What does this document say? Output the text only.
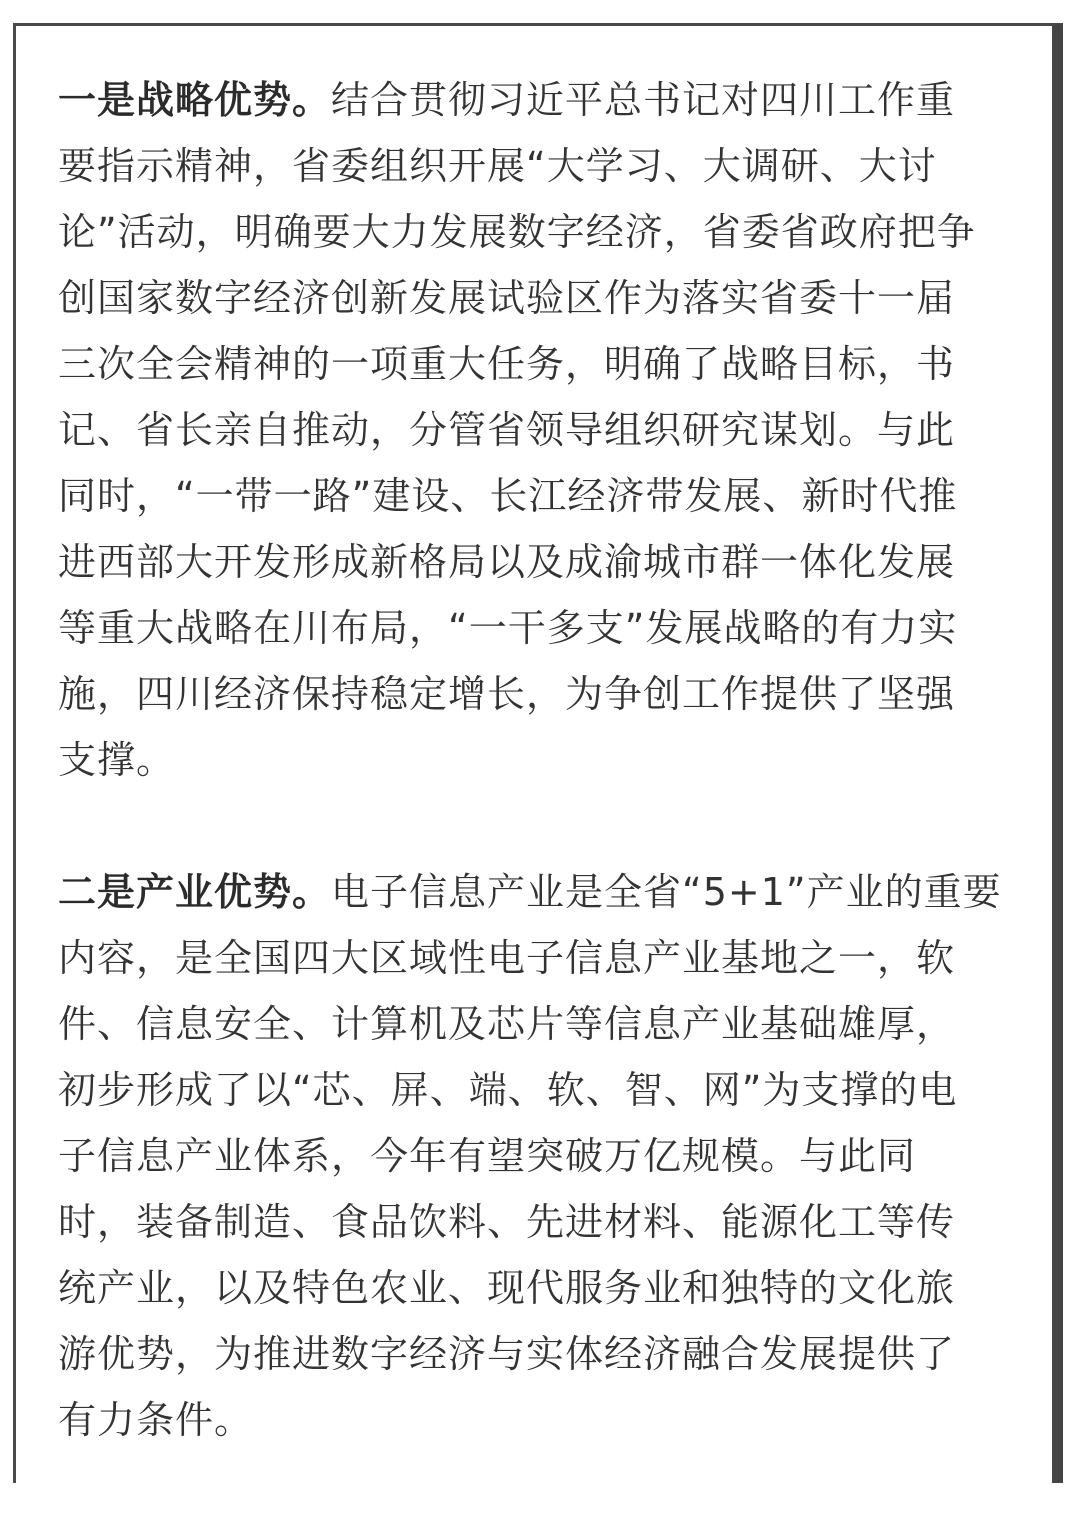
一是战略优势。结合贯彻习近平总书记对四川工作重
要指示精神，省委组织开展“大学习、大调研、大讨
论”活动，明确要大力发展数字经济，省委省政府把争
创国家数字经济创新发展试验区作为落实省委十一届
三次全会精神的一项重大任务，明确了战略目标，书
记、省长亲自推动，分管省领导组织研究谋划。与此
同时，“一带一路”建设、长江经济带发展、新时代推
进西部大开发形成新格局以及成渝城市群一体化发展
等重大战略在川布局，“一干多支”发展战略的有力实
施，四川经济保持稳定增长，为争创工作提供了坚强
支撑。
二是产业优势。电子信息产业是全省“5+1”产业的重要
内容，是全国四大区域性电子信息产业基地之一，软
件、信息安全、计算机及芯片等信息产业基础雄厚，
初步形成了以“芯、屏、端、软、智、网”为支撑的电
子信息产业体系，今年有望突破万亿规模。与此同
时，装备制造、食品饮料、先进材料、能源化工等传
统产业，以及特色农业、现代服务业和独特的文化旅
游优势，为推进数字经济与实体经济融合发展提供了
有力条件。
